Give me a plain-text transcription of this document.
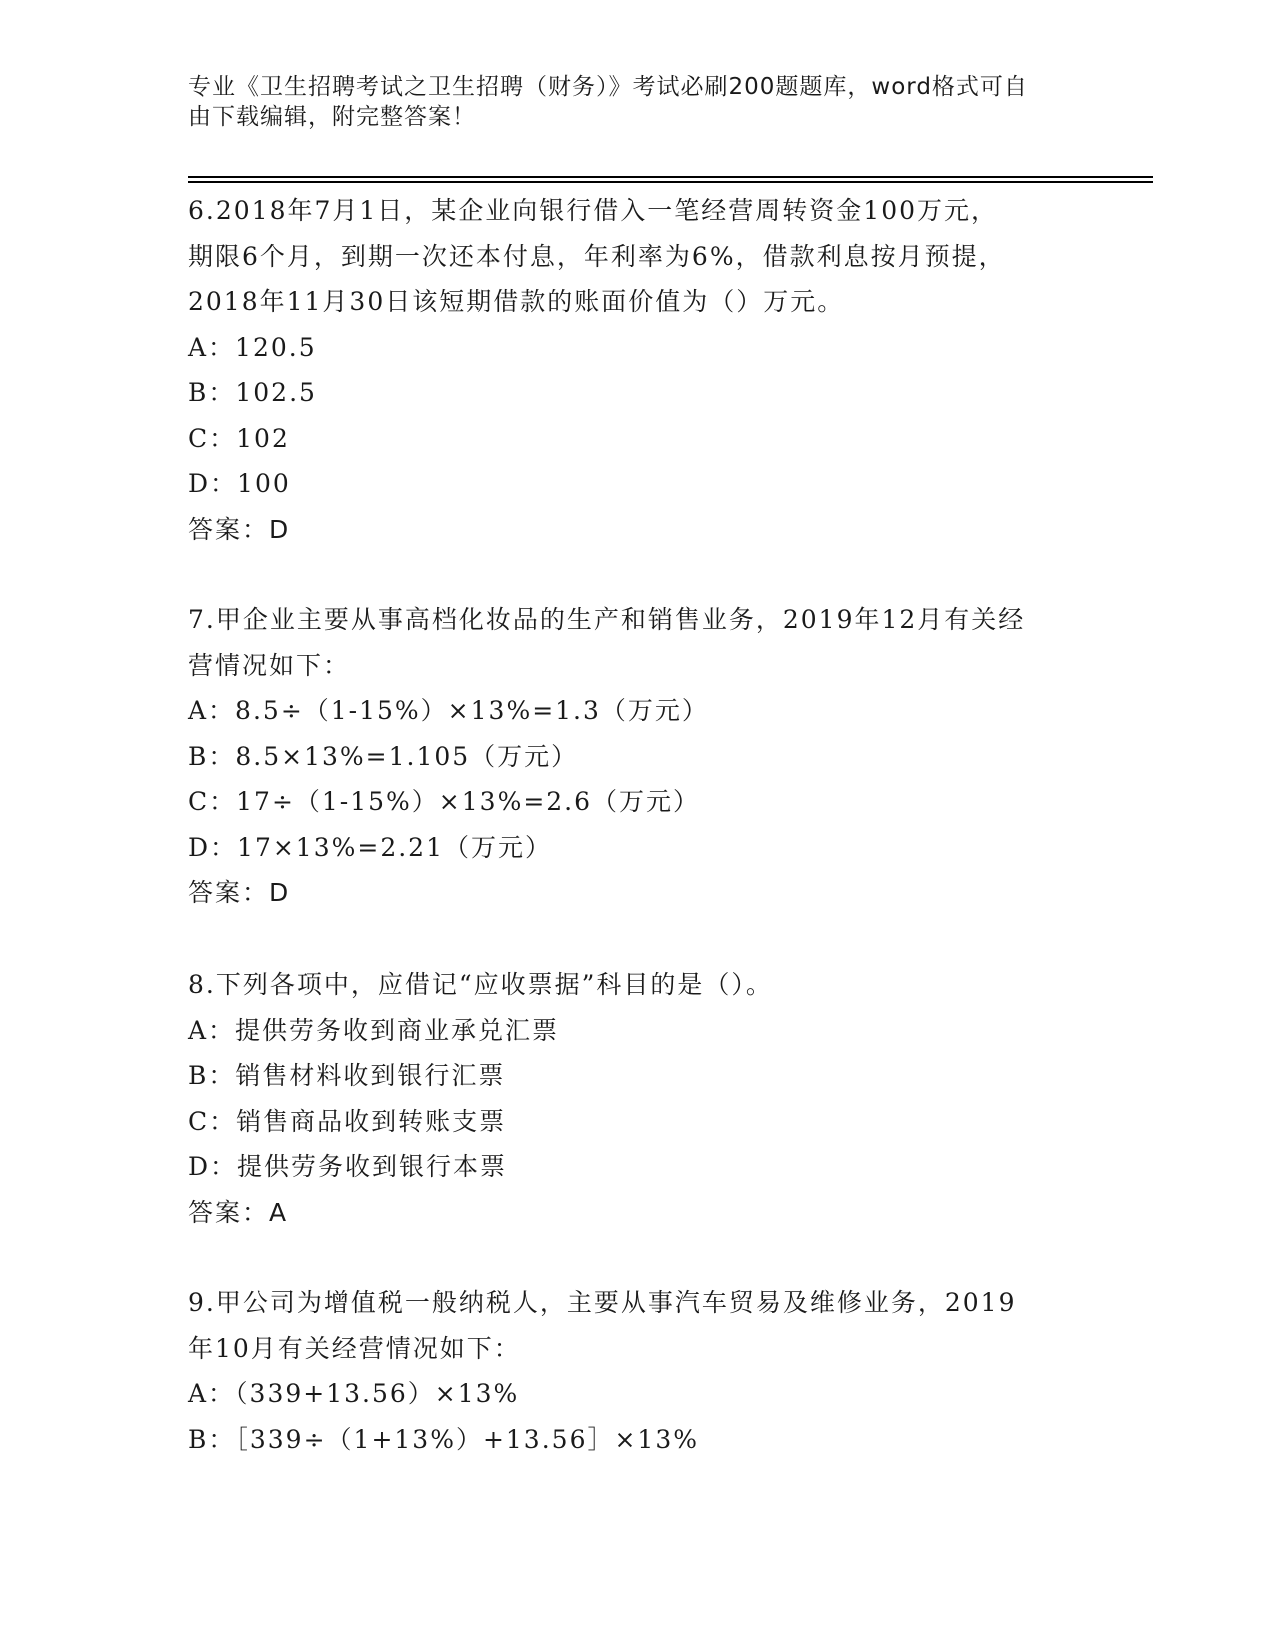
专业《卫生招聘考试之卫生招聘（财务）》考试必刷200题题库，word格式可自
由下载编辑，附完整答案！
6.2018年7月1日，某企业向银行借入一笔经营周转资金100万元，
期限6个月，到期一次还本付息，年利率为6%，借款利息按月预提，
2018年11月30日该短期借款的账面价值为（）万元。
A：120.5
B：102.5
C：102
D：100
答案：D
7.甲企业主要从事高档化妆品的生产和销售业务，2019年12月有关经
营情况如下：
A：8.5÷（1-15%）×13%=1.3（万元）
B：8.5×13%=1.105（万元）
C：17÷（1-15%）×13%=2.6（万元）
D：17×13%=2.21（万元）
答案：D
8.下列各项中，应借记“应收票据”科目的是（）。
A：提供劳务收到商业承兑汇票
B：销售材料收到银行汇票
C：销售商品收到转账支票
D：提供劳务收到银行本票
答案：A
9.甲公司为增值税一般纳税人，主要从事汽车贸易及维修业务，2019
年10月有关经营情况如下：
A：（339+13.56）×13%
B：［339÷（1+13%）+13.56］×13%
